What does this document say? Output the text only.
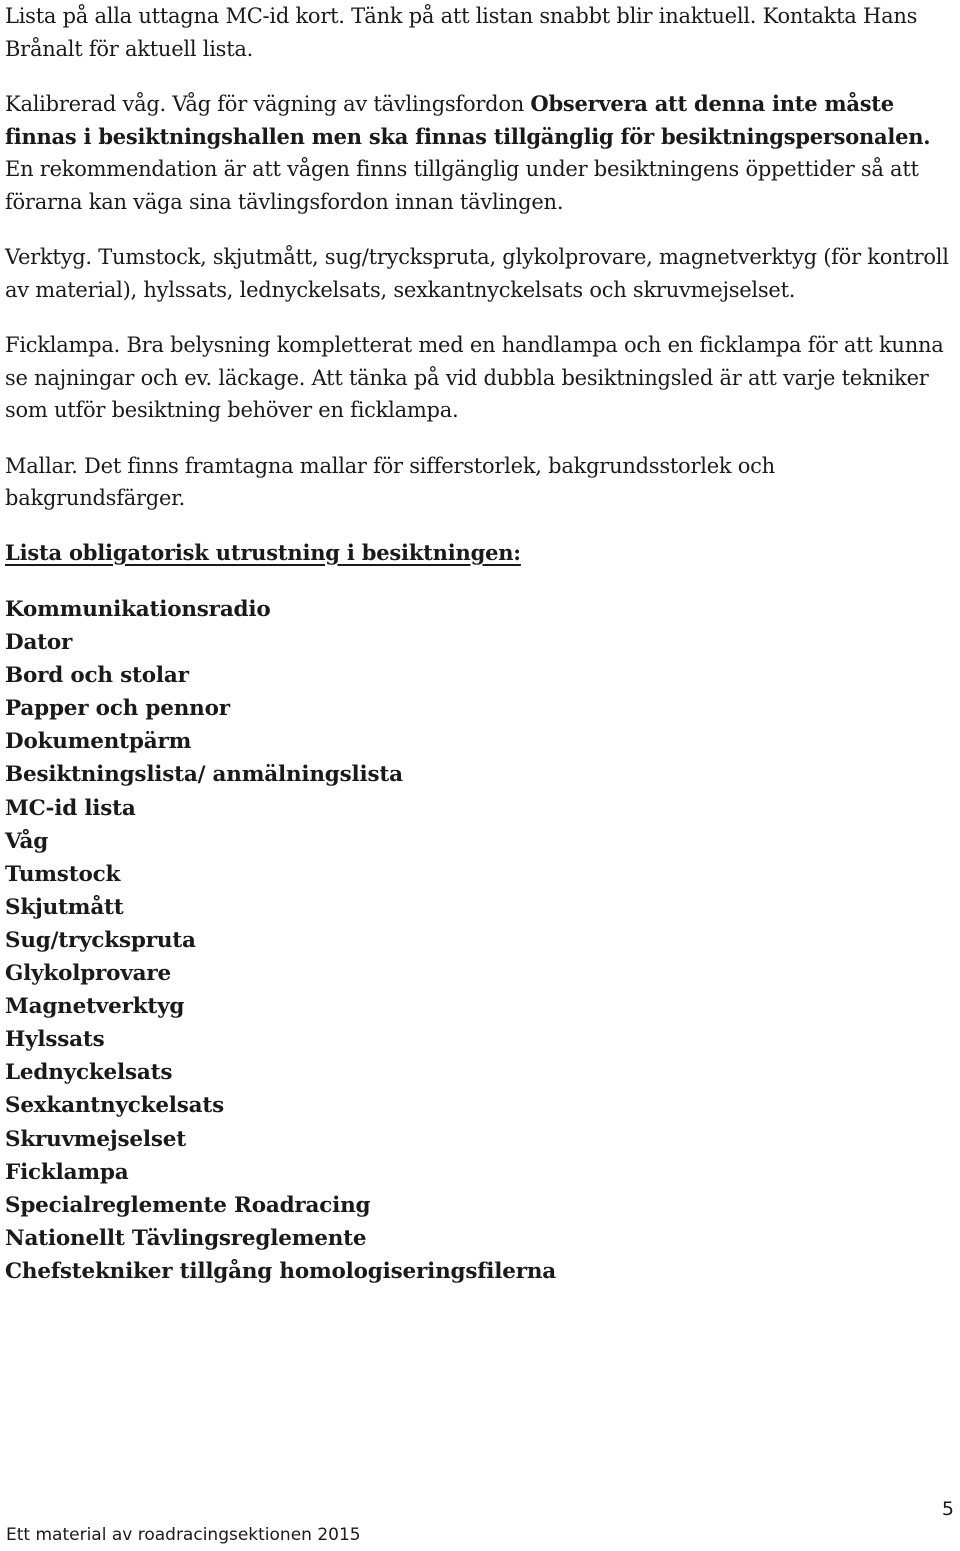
Lista på alla uttagna MC-id kort. Tänk på att listan snabbt blir inaktuell. Kontakta Hans Brånalt för aktuell lista.

Kalibrerad våg. Våg för vägning av tävlingsfordon Observera att denna inte måste finnas i besiktningshallen men ska finnas tillgänglig för besiktningspersonalen. En rekommendation är att vågen finns tillgänglig under besiktningens öppettider så att förarna kan väga sina tävlingsfordon innan tävlingen.

Verktyg. Tumstock, skjutmått, sug/tryckspruta, glykolprovare, magnetverktyg (för kontroll av material), hylssats, lednyckelsats, sexkantnyckelsats och skruvmejselset.

Ficklampa. Bra belysning kompletterat med en handlampa och en ficklampa för att kunna se najningar och ev. läckage. Att tänka på vid dubbla besiktningsled är att varje tekniker som utför besiktning behöver en ficklampa.

Mallar. Det finns framtagna mallar för sifferstorlek, bakgrundsstorlek och bakgrundsfärger.

Lista obligatorisk utrustning i besiktningen:
Kommunikationsradio
Dator
Bord och stolar
Papper och pennor
Dokumentpärm
Besiktningslista/ anmälningslista
MC-id lista
Våg
Tumstock
Skjutmått
Sug/tryckspruta
Glykolprovare
Magnetverktyg
Hylssats
Lednyckelsats
Sexkantnyckelsats
Skruvmejselset
Ficklampa
Specialreglemente Roadracing
Nationellt Tävlingsreglemente
Chefstekniker tillgång homologiseringsfilerna
5
Ett material av roadracingsektionen 2015
